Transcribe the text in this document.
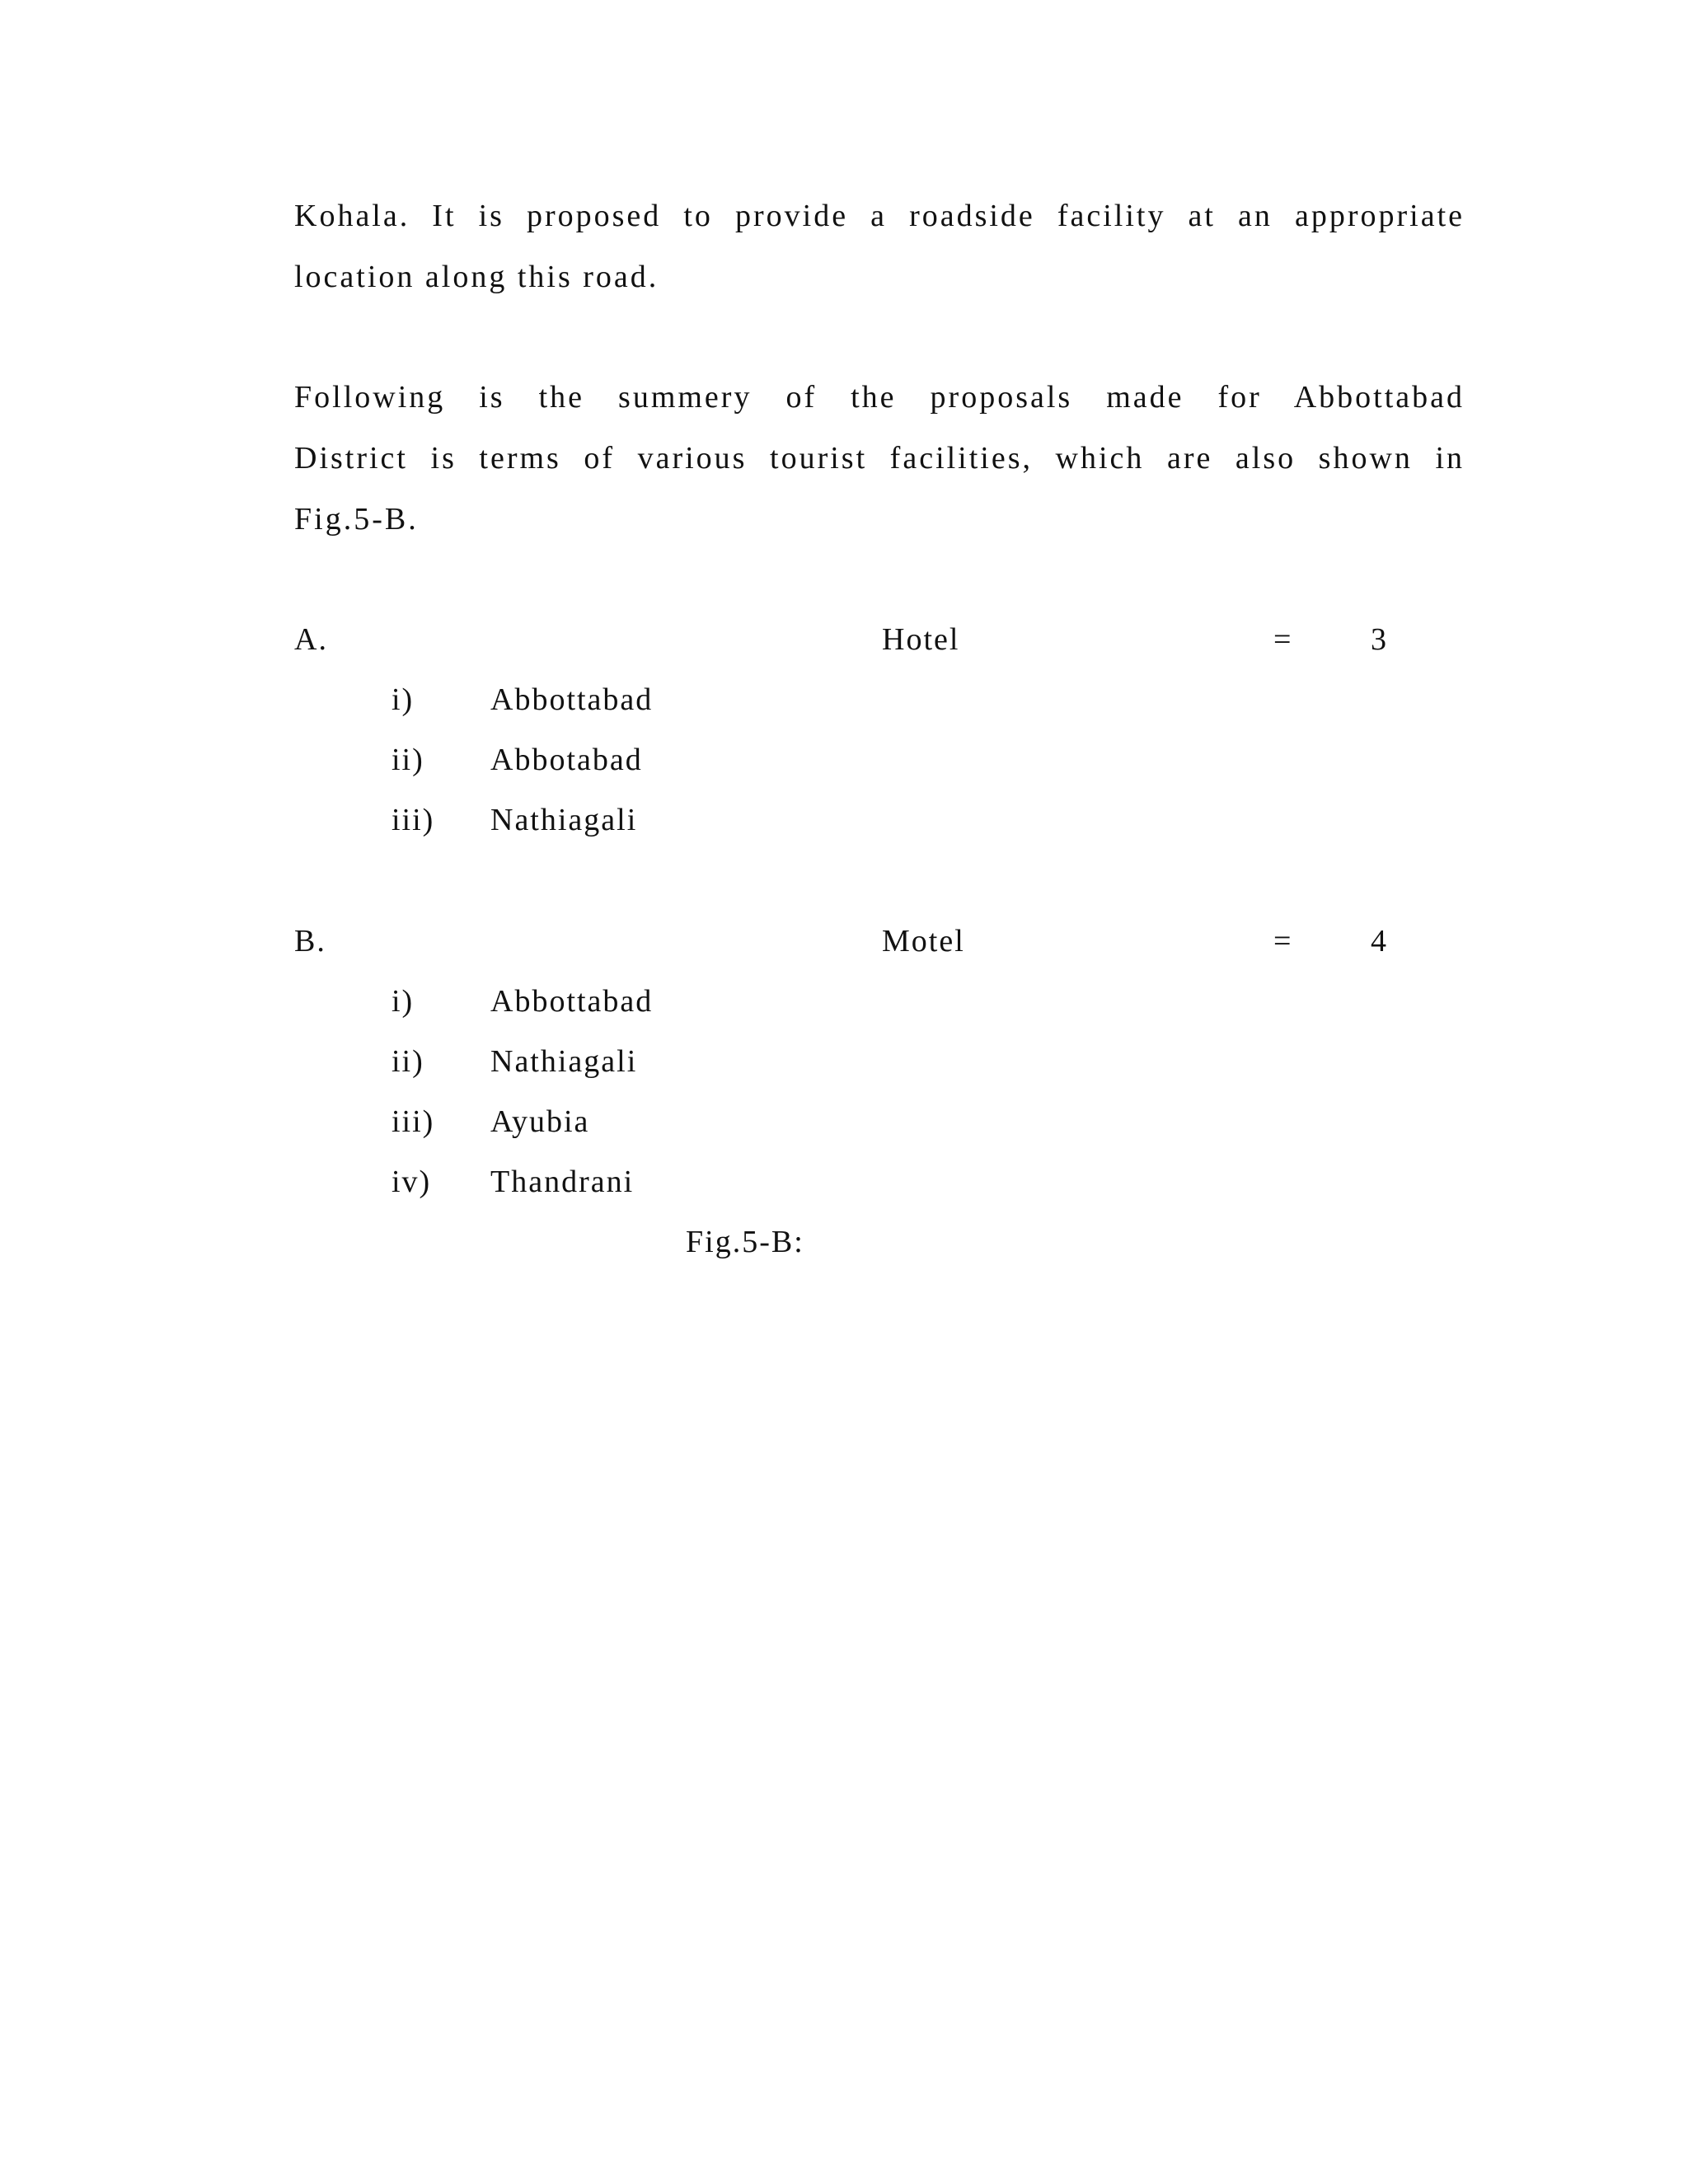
Kohala. It is proposed to provide a roadside facility at an appropriate
location along this road.
Following is the summery of the proposals made for Abbottabad
District is terms of various tourist facilities, which are also shown in
Fig.5-B.
A.	Hotel	= 3
i) Abbottabad
ii) Abbotabad
iii) Nathiagali
B.	Motel	= 4
i) Abbottabad
ii) Nathiagali
iii) Ayubia
iv) Thandrani
Fig.5-B:
